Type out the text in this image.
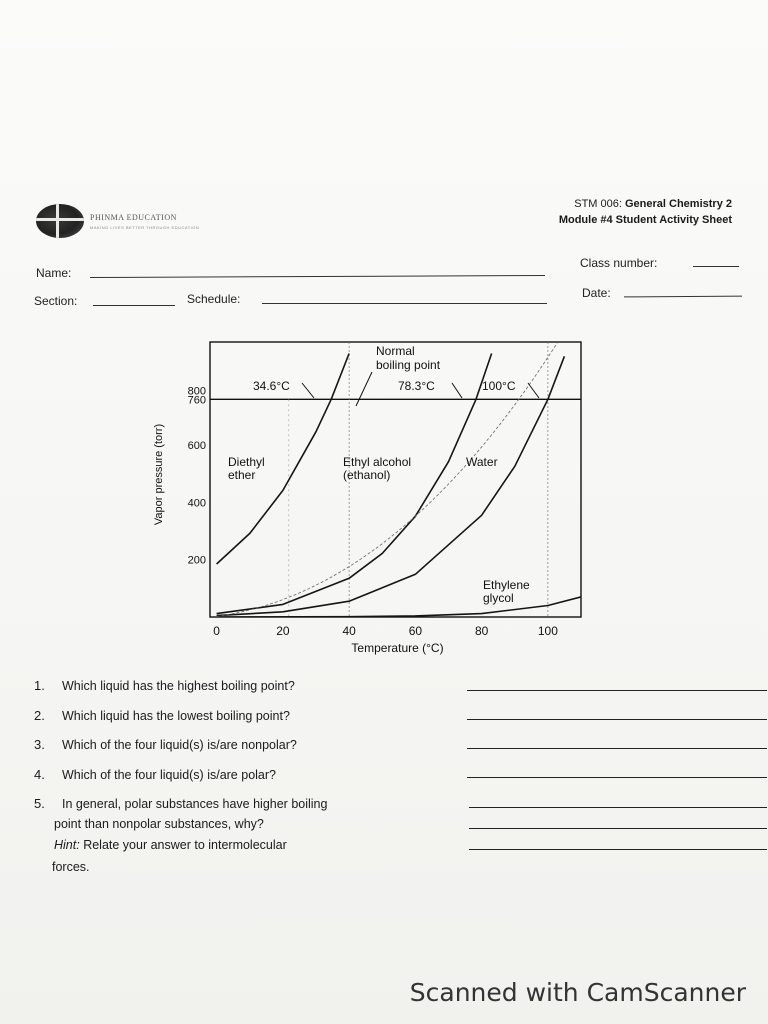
PHINMA EDUCATION
MAKING LIVES BETTER THROUGH EDUCATION
STM 006: General Chemistry 2
Module #4 Student Activity Sheet
Name:
Class number:
Section:	Schedule:	Date:
0	20	40	60	80	100
200
400
600
760
800
Diethyl
ether
Ethyl alcohol
(ethanol)
Water
Ethylene
glycol
34.6°C	78.3°C	100°C
Normal
boiling point
Temperature (°C)
Vapor pressure (torr)
1. Which liquid has the highest boiling point?
2. Which liquid has the lowest boiling point?
3. Which of the four liquid(s) is/are nonpolar?
4. Which of the four liquid(s) is/are polar?
5. In general, polar substances have higher boiling
point than nonpolar substances, why?
Hint: Relate your answer to intermolecular
forces.
Scanned with CamScanner
